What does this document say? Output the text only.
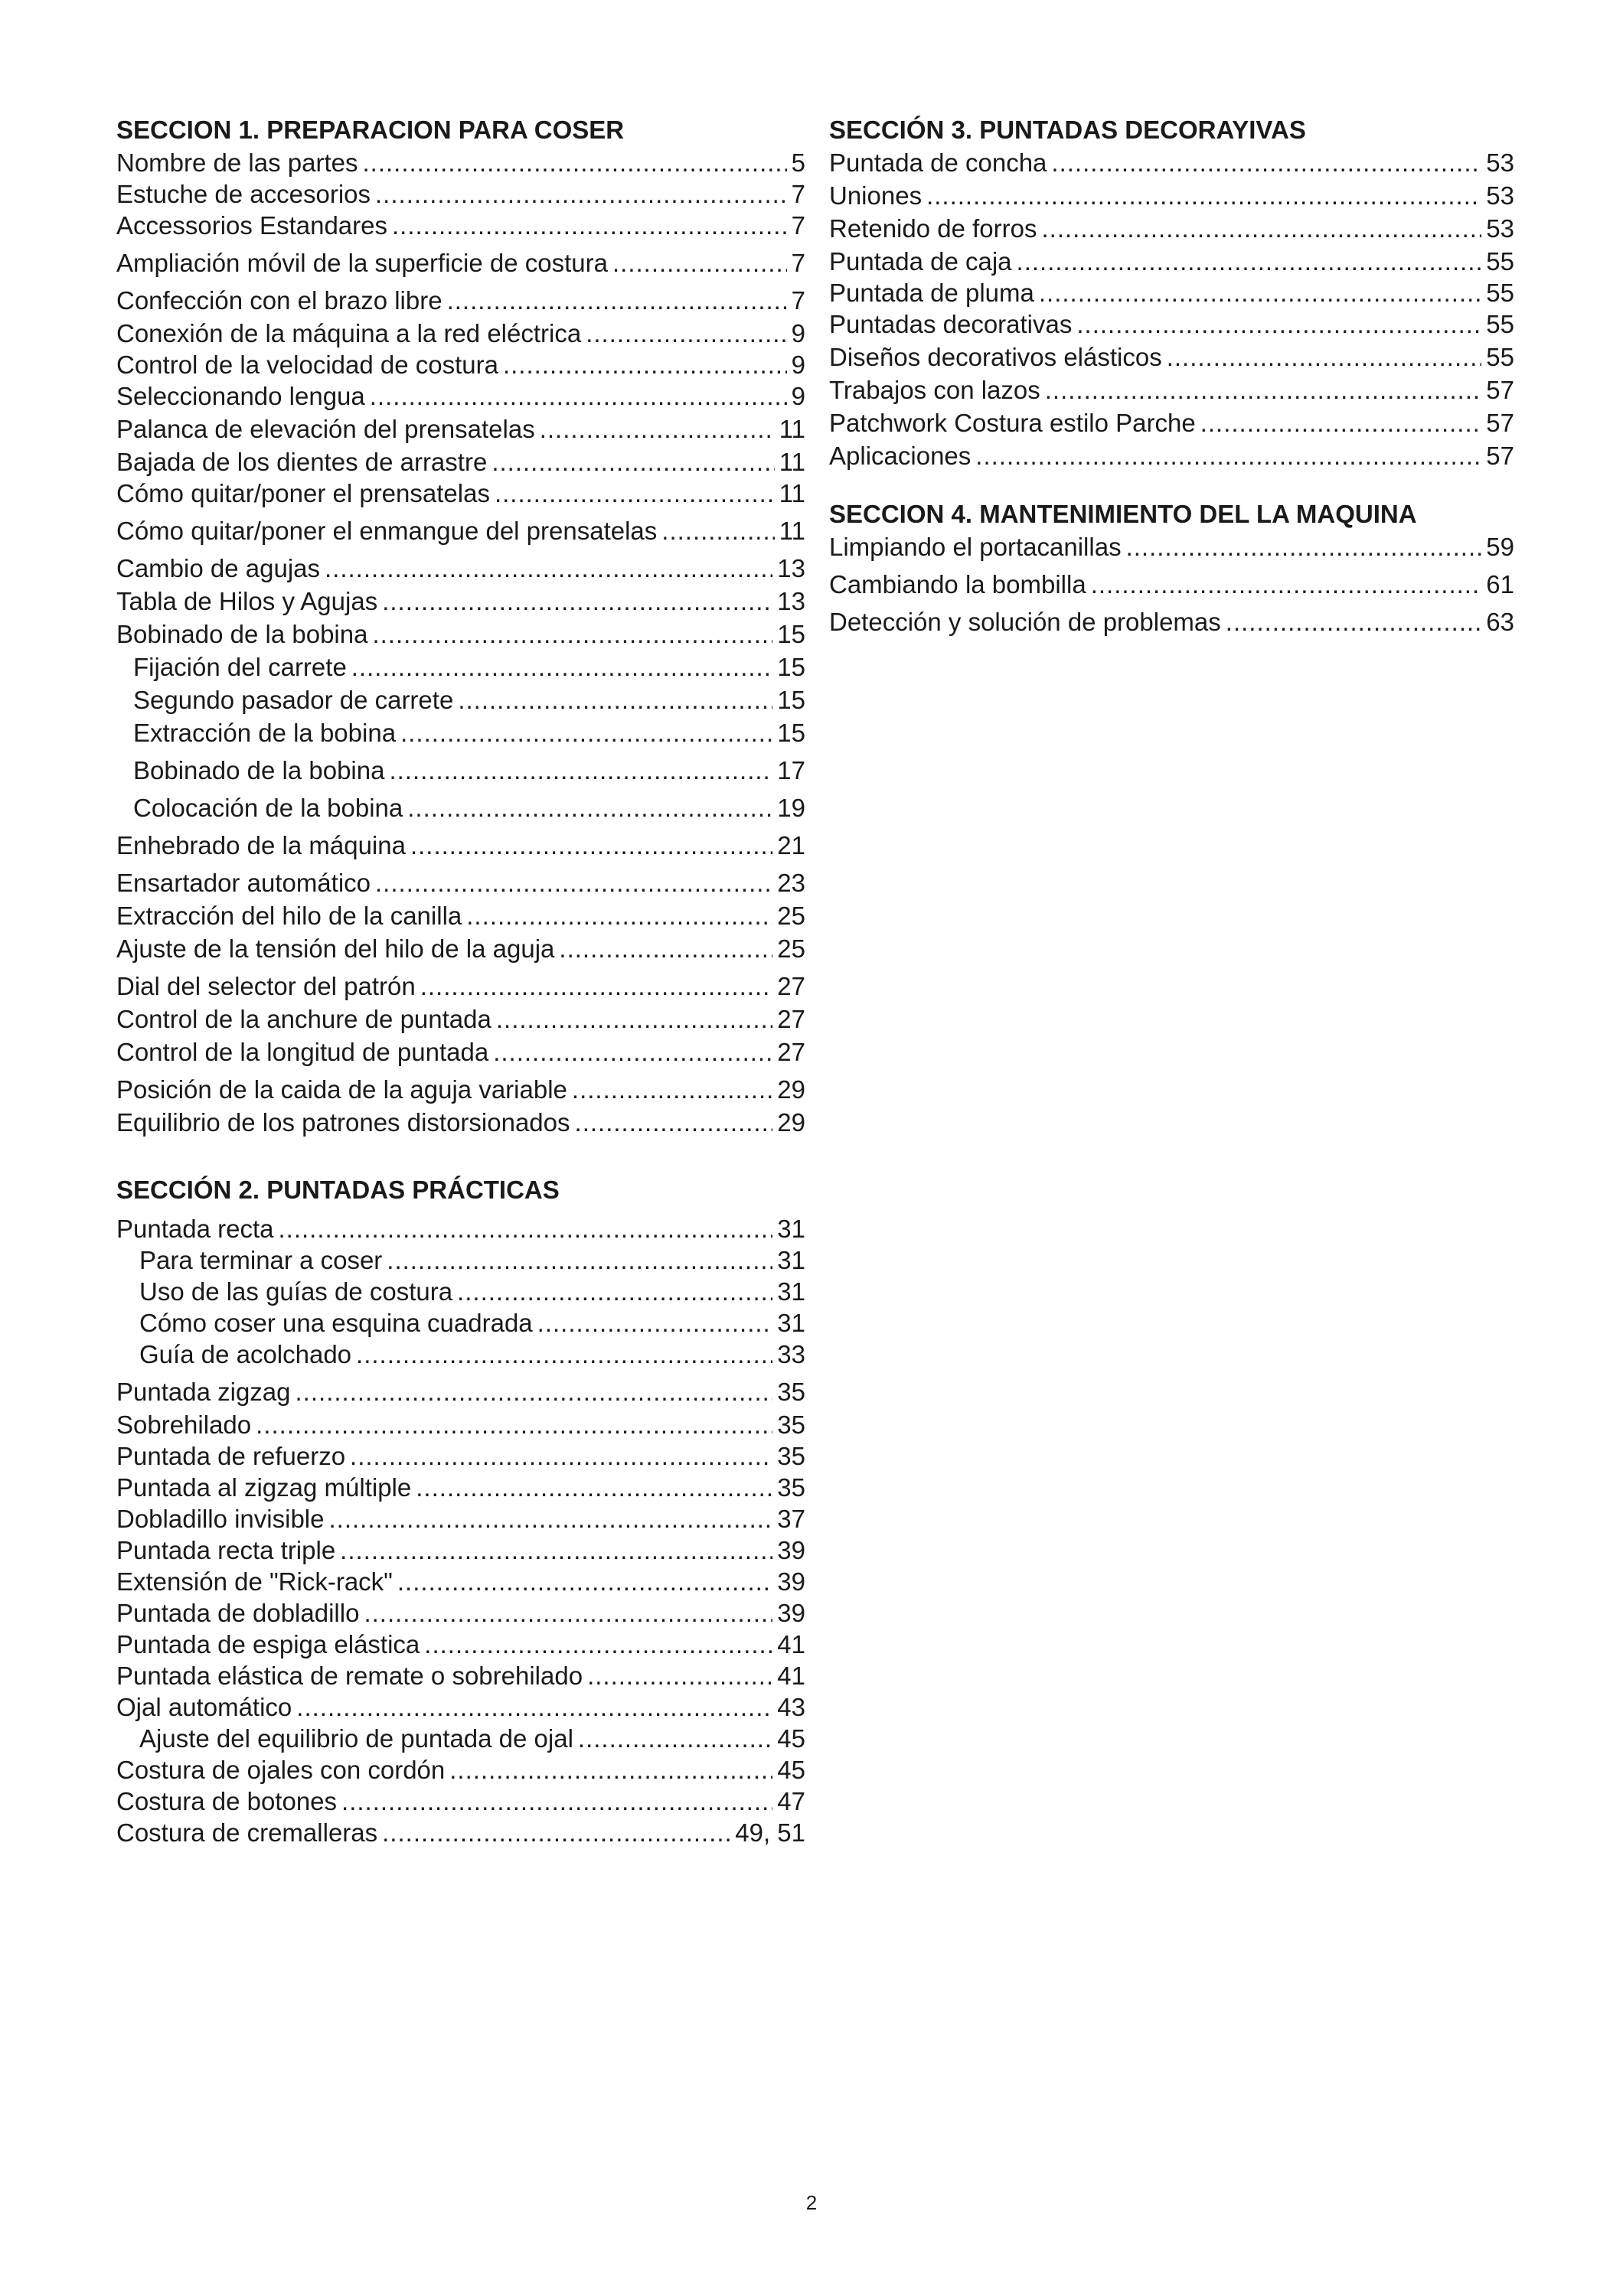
SECCION 1. PREPARACION PARA COSER
Nombre de las partes .....	5
Estuche de accesorios .....	7
Accessorios Estandares .....	7
Ampliación móvil de la superficie de costura .....	7
Confección con el brazo libre .....	7
Conexión de la máquina a la red eléctrica .....	9
Control de la velocidad de costura .....	9
Seleccionando lengua .....	9
Palanca de elevación del prensatelas .....	11
Bajada de los dientes de arrastre .....	11
Cómo quitar/poner el prensatelas .....	11
Cómo quitar/poner el enmangue del prensatelas .....	11
Cambio de agujas .....	13
Tabla de Hilos y Agujas .....	13
Bobinado de la bobina .....	15
Fijación del carrete .....	15
Segundo pasador de carrete .....	15
Extracción de la bobina .....	15
Bobinado de la bobina .....	17
Colocación de la bobina .....	19
Enhebrado de la máquina .....	21
Ensartador automático .....	23
Extracción del hilo de la canilla .....	25
Ajuste de la tensión del hilo de la aguja .....	25
Dial del selector del patrón .....	27
Control de la anchure de puntada .....	27
Control de la longitud de puntada .....	27
Posición de la caida de la aguja variable .....	29
Equilibrio de los patrones distorsionados .....	29
SECCIÓN 2. PUNTADAS PRÁCTICAS
Puntada recta .....	31
Para terminar a coser .....	31
Uso de las guías de costura .....	31
Cómo coser una esquina cuadrada .....	31
Guía de acolchado .....	33
Puntada zigzag .....	35
Sobrehilado .....	35
Puntada de refuerzo .....	35
Puntada al zigzag múltiple .....	35
Dobladillo invisible .....	37
Puntada recta triple .....	39
Extensión de "Rick-rack" .....	39
Puntada de dobladillo .....	39
Puntada de espiga elástica .....	41
Puntada elástica de remate o sobrehilado .....	41
Ojal automático .....	43
Ajuste del equilibrio de puntada de ojal .....	45
Costura de ojales con cordón .....	45
Costura de botones .....	47
Costura de cremalleras .....	49, 51
SECCIÓN 3. PUNTADAS DECORAYIVAS
Puntada de concha .....	53
Uniones .....	53
Retenido de forros .....	53
Puntada de caja .....	55
Puntada de pluma .....	55
Puntadas decorativas .....	55
Diseños decorativos elásticos .....	55
Trabajos con lazos .....	57
Patchwork Costura estilo Parche .....	57
Aplicaciones .....	57
SECCION 4. MANTENIMIENTO DEL LA MAQUINA
Limpiando el portacanillas .....	59
Cambiando la bombilla .....	61
Detección y solución de problemas .....	63
2
